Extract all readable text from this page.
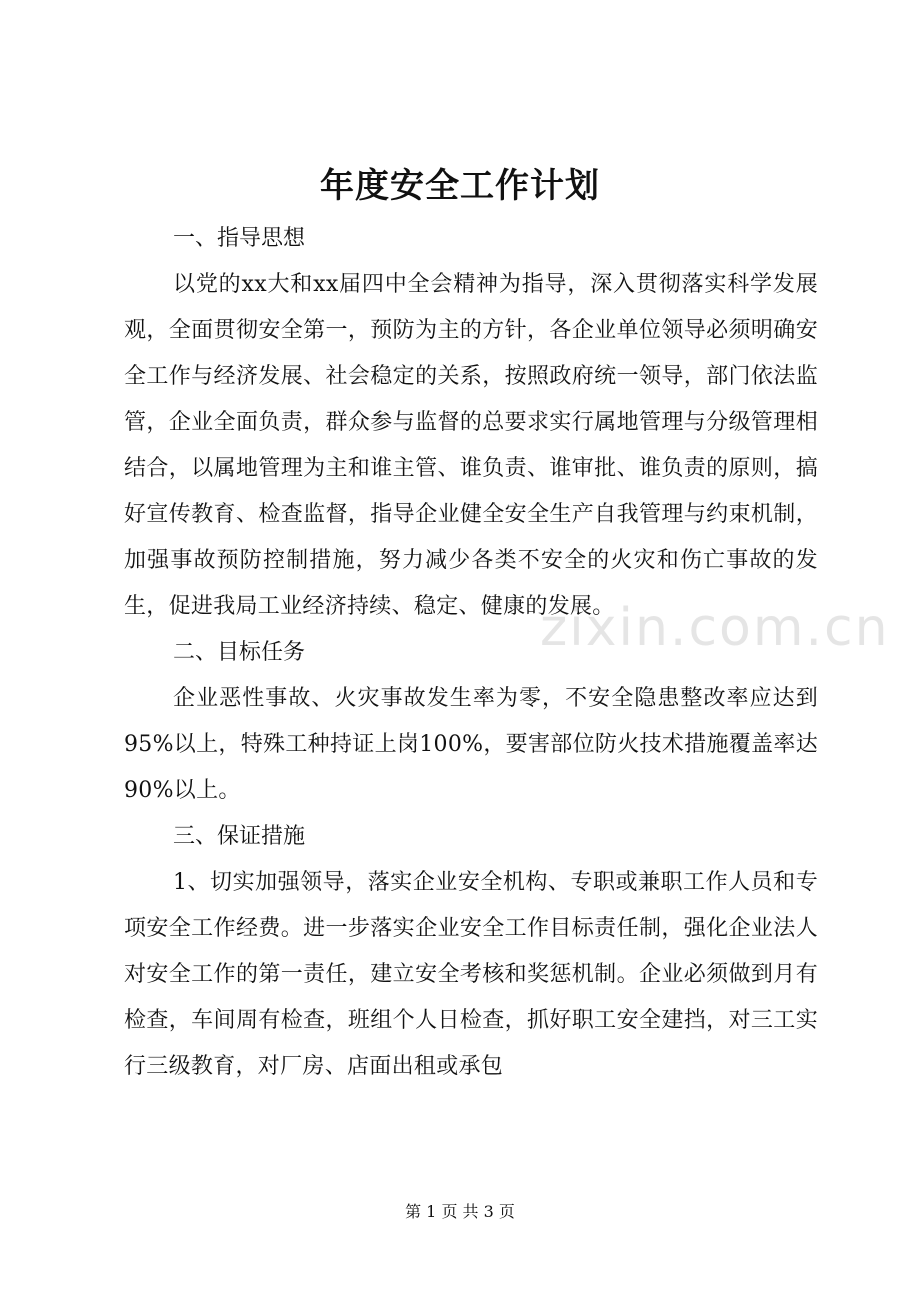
年度安全工作计划

一、指导思想

以党的xx大和xx届四中全会精神为指导，深入贯彻落实科学发展观，全面贯彻安全第一，预防为主的方针，各企业单位领导必须明确安全工作与经济发展、社会稳定的关系，按照政府统一领导，部门依法监管，企业全面负责，群众参与监督的总要求实行属地管理与分级管理相结合，以属地管理为主和谁主管、谁负责、谁审批、谁负责的原则，搞好宣传教育、检查监督，指导企业健全安全生产自我管理与约束机制，加强事故预防控制措施，努力减少各类不安全的火灾和伤亡事故的发生，促进我局工业经济持续、稳定、健康的发展。

二、目标任务

企业恶性事故、火灾事故发生率为零，不安全隐患整改率应达到95%以上，特殊工种持证上岗100%，要害部位防火技术措施覆盖率达90%以上。

三、保证措施

1、切实加强领导，落实企业安全机构、专职或兼职工作人员和专项安全工作经费。进一步落实企业安全工作目标责任制，强化企业法人对安全工作的第一责任，建立安全考核和奖惩机制。企业必须做到月有检查，车间周有检查，班组个人日检查，抓好职工安全建挡，对三工实行三级教育，对厂房、店面出租或承包

zixin.com.cn
第 1 页 共 3 页
